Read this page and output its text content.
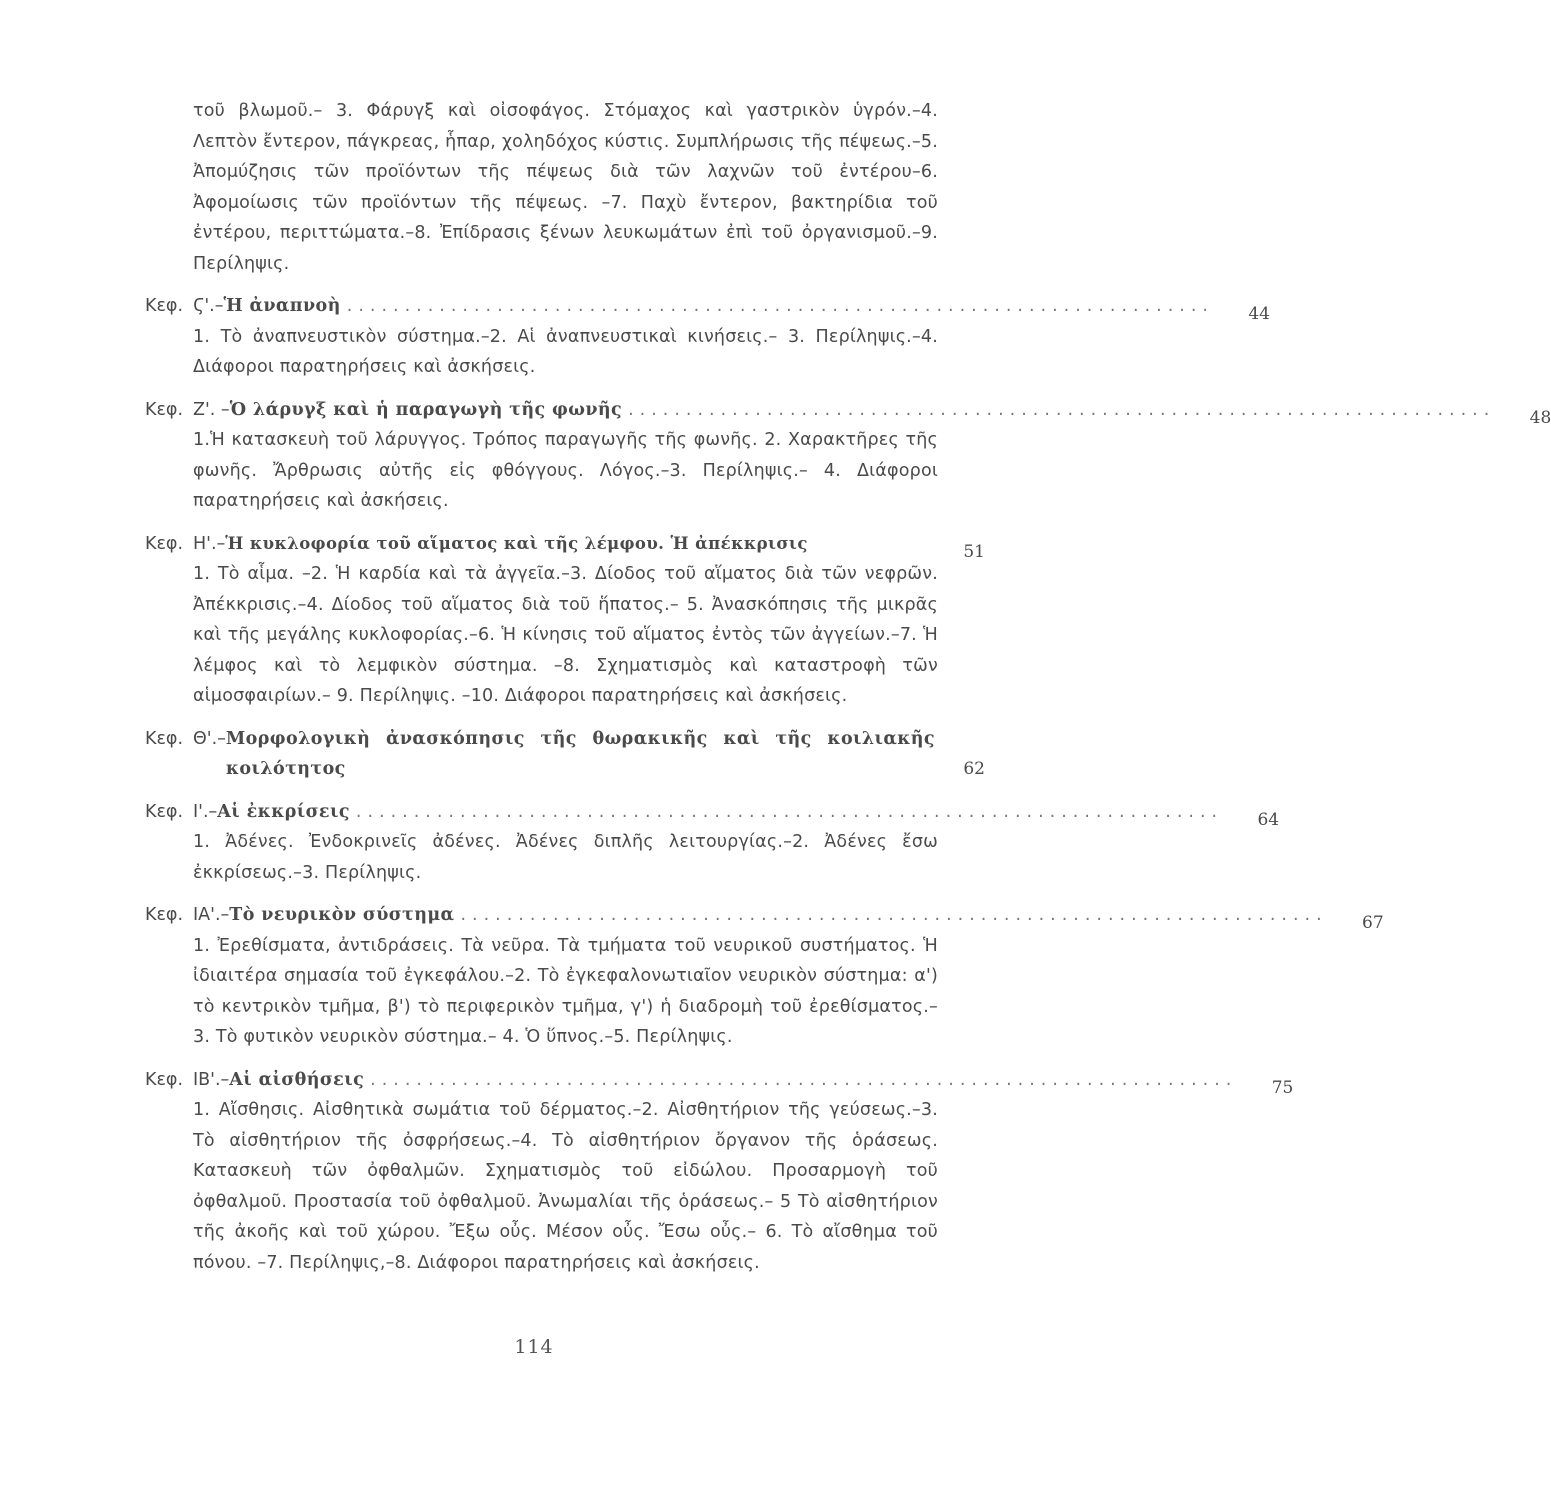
τοῦ βλωμοῦ.– 3. Φάρυγξ καὶ οἰσοφάγος. Στόμαχος καὶ γαστρικὸν ὑγρόν.–4. Λεπτὸν ἔντερον, πάγκρεας, ἧπαρ, χοληδόχος κύστις. Συμπλήρωσις τῆς πέψεως.–5. Ἀπομύζησις τῶν προϊόντων τῆς πέψεως διὰ τῶν λαχνῶν τοῦ ἐντέρου–6. Ἀφομοίωσις τῶν προϊόντων τῆς πέψεως. –7. Παχὺ ἔντερον, βακτηρίδια τοῦ ἐντέρου, περιττώματα.–8. Ἐπίδρασις ξένων λευκωμάτων ἐπὶ τοῦ ὀργανισμοῦ.–9. Περίληψις.
Κεφ. Ϛ'.– Ἡ ἀναπνοὴ ...........................................................................	44
1. Τὸ ἀναπνευστικὸν σύστημα.–2. Αἱ ἀναπνευστικαὶ κινήσεις.– 3. Περίληψις.–4. Διάφοροι παρατηρήσεις καὶ ἀσκήσεις.
Κεφ. Ζ'. – Ὁ λάρυγξ καὶ ἡ παραγωγὴ τῆς φωνῆς ...........................................................................	48
1.Ἡ κατασκευὴ τοῦ λάρυγγος. Τρόπος παραγωγῆς τῆς φωνῆς. 2. Χαρακτῆρες τῆς φωνῆς. Ἄρθρωσις αὐτῆς εἰς φθόγγους. Λόγος.–3. Περίληψις.– 4. Διάφοροι παρατηρήσεις καὶ ἀσκήσεις.
Κεφ. Η'.– Ἡ κυκλοφορία τοῦ αἵματος καὶ τῆς λέμφου. Ἡ ἀπέκκρισις	51
1. Τὸ αἷμα. –2. Ἡ καρδία καὶ τὰ ἀγγεῖα.–3. Δίοδος τοῦ αἵματος διὰ τῶν νεφρῶν. Ἀπέκκρισις.–4. Δίοδος τοῦ αἵματος διὰ τοῦ ἥπατος.– 5. Ἀνασκόπησις τῆς μικρᾶς καὶ τῆς μεγάλης κυκλοφορίας.–6. Ἡ κίνησις τοῦ αἵματος ἐντὸς τῶν ἀγγείων.–7. Ἡ λέμφος καὶ τὸ λεμφικὸν σύστημα. –8. Σχηματισμὸς καὶ καταστροφὴ τῶν αἱμοσφαιρίων.– 9. Περίληψις. –10. Διάφοροι παρατηρήσεις καὶ ἀσκήσεις.
Κεφ. Θ'.– Μορφολογικὴ ἀνασκόπησις τῆς θωρακικῆς καὶ τῆς κοιλιακῆς κοιλότητος	62
Κεφ. Ι'.– Αἱ ἐκκρίσεις ...........................................................................	64
1. Ἀδένες. Ἐνδοκρινεῖς ἀδένες. Ἀδένες διπλῆς λειτουργίας.–2. Ἀδένες ἔσω ἐκκρίσεως.–3. Περίληψις.
Κεφ. ΙΑ'.– Τὸ νευρικὸν σύστημα ...........................................................................	67
1. Ἐρεθίσματα, ἀντιδράσεις. Τὰ νεῦρα. Τὰ τμήματα τοῦ νευρικοῦ συστήματος. Ἡ ἰδιαιτέρα σημασία τοῦ ἐγκεφάλου.–2. Τὸ ἐγκεφαλονωτιαῖον νευρικὸν σύστημα: α') τὸ κεντρικὸν τμῆμα, β') τὸ περιφερικὸν τμῆμα, γ') ἡ διαδρομὴ τοῦ ἐρεθίσματος.– 3. Τὸ φυτικὸν νευρικὸν σύστημα.– 4. Ὁ ὕπνος.–5. Περίληψις.
Κεφ. ΙΒ'.– Αἱ αἰσθήσεις ...........................................................................	75
1. Αἴσθησις. Αἰσθητικὰ σωμάτια τοῦ δέρματος.–2. Αἰσθητήριον τῆς γεύσεως.–3. Τὸ αἰσθητήριον τῆς ὀσφρήσεως.–4. Τὸ αἰσθητήριον ὄργανον τῆς ὁράσεως. Κατασκευὴ τῶν ὀφθαλμῶν. Σχηματισμὸς τοῦ εἰδώλου. Προσαρμογὴ τοῦ ὀφθαλμοῦ. Προστασία τοῦ ὀφθαλμοῦ. Ἀνωμαλίαι τῆς ὁράσεως.– 5 Τὸ αἰσθητήριον τῆς ἀκοῆς καὶ τοῦ χώρου. Ἔξω οὖς. Μέσον οὖς. Ἔσω οὖς.– 6. Τὸ αἴσθημα τοῦ πόνου. –7. Περίληψις,–8. Διάφοροι παρατηρήσεις καὶ ἀσκήσεις.
114
